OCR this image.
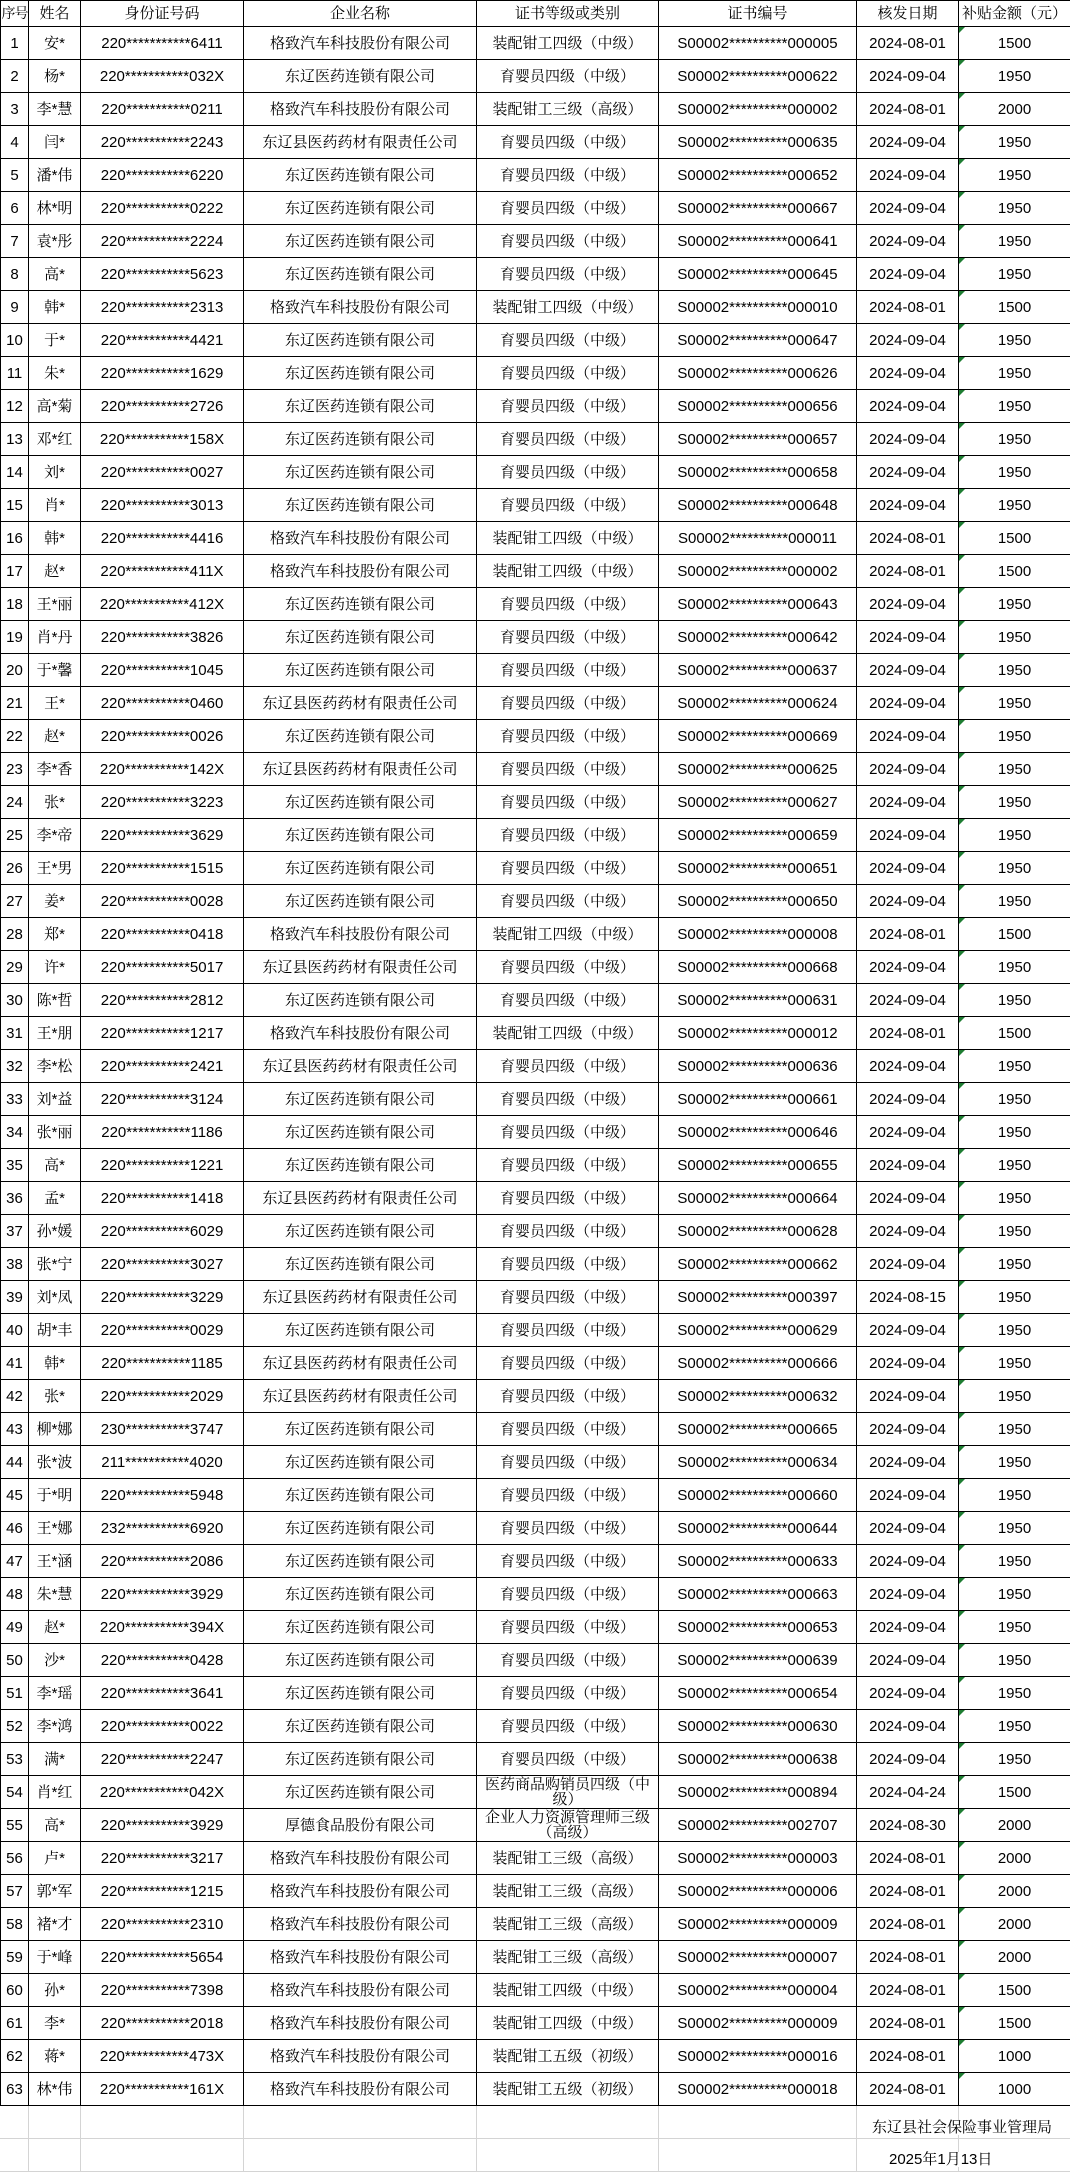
序号	姓名	身份证号码	企业名称	证书等级或类别	证书编号	核发日期	补贴金额（元）
1	安*	220***********6411	格致汽车科技股份有限公司	装配钳工四级（中级）	S00002**********000005	2024-08-01	1500
2	杨*	220***********032X	东辽医药连锁有限公司	育婴员四级（中级）	S00002**********000622	2024-09-04	1950
3	李*慧	220***********0211	格致汽车科技股份有限公司	装配钳工三级（高级）	S00002**********000002	2024-08-01	2000
4	闫*	220***********2243	东辽县医药药材有限责任公司	育婴员四级（中级）	S00002**********000635	2024-09-04	1950
5	潘*伟	220***********6220	东辽医药连锁有限公司	育婴员四级（中级）	S00002**********000652	2024-09-04	1950
6	林*明	220***********0222	东辽医药连锁有限公司	育婴员四级（中级）	S00002**********000667	2024-09-04	1950
7	袁*彤	220***********2224	东辽医药连锁有限公司	育婴员四级（中级）	S00002**********000641	2024-09-04	1950
8	高*	220***********5623	东辽医药连锁有限公司	育婴员四级（中级）	S00002**********000645	2024-09-04	1950
9	韩*	220***********2313	格致汽车科技股份有限公司	装配钳工四级（中级）	S00002**********000010	2024-08-01	1500
10	于*	220***********4421	东辽医药连锁有限公司	育婴员四级（中级）	S00002**********000647	2024-09-04	1950
11	朱*	220***********1629	东辽医药连锁有限公司	育婴员四级（中级）	S00002**********000626	2024-09-04	1950
12	高*菊	220***********2726	东辽医药连锁有限公司	育婴员四级（中级）	S00002**********000656	2024-09-04	1950
13	邓*红	220***********158X	东辽医药连锁有限公司	育婴员四级（中级）	S00002**********000657	2024-09-04	1950
14	刘*	220***********0027	东辽医药连锁有限公司	育婴员四级（中级）	S00002**********000658	2024-09-04	1950
15	肖*	220***********3013	东辽医药连锁有限公司	育婴员四级（中级）	S00002**********000648	2024-09-04	1950
16	韩*	220***********4416	格致汽车科技股份有限公司	装配钳工四级（中级）	S00002**********000011	2024-08-01	1500
17	赵*	220***********411X	格致汽车科技股份有限公司	装配钳工四级（中级）	S00002**********000002	2024-08-01	1500
18	王*丽	220***********412X	东辽医药连锁有限公司	育婴员四级（中级）	S00002**********000643	2024-09-04	1950
19	肖*丹	220***********3826	东辽医药连锁有限公司	育婴员四级（中级）	S00002**********000642	2024-09-04	1950
20	于*馨	220***********1045	东辽医药连锁有限公司	育婴员四级（中级）	S00002**********000637	2024-09-04	1950
21	王*	220***********0460	东辽县医药药材有限责任公司	育婴员四级（中级）	S00002**********000624	2024-09-04	1950
22	赵*	220***********0026	东辽医药连锁有限公司	育婴员四级（中级）	S00002**********000669	2024-09-04	1950
23	李*香	220***********142X	东辽县医药药材有限责任公司	育婴员四级（中级）	S00002**********000625	2024-09-04	1950
24	张*	220***********3223	东辽医药连锁有限公司	育婴员四级（中级）	S00002**********000627	2024-09-04	1950
25	李*帝	220***********3629	东辽医药连锁有限公司	育婴员四级（中级）	S00002**********000659	2024-09-04	1950
26	王*男	220***********1515	东辽医药连锁有限公司	育婴员四级（中级）	S00002**********000651	2024-09-04	1950
27	姜*	220***********0028	东辽医药连锁有限公司	育婴员四级（中级）	S00002**********000650	2024-09-04	1950
28	郑*	220***********0418	格致汽车科技股份有限公司	装配钳工四级（中级）	S00002**********000008	2024-08-01	1500
29	许*	220***********5017	东辽县医药药材有限责任公司	育婴员四级（中级）	S00002**********000668	2024-09-04	1950
30	陈*哲	220***********2812	东辽医药连锁有限公司	育婴员四级（中级）	S00002**********000631	2024-09-04	1950
31	王*朋	220***********1217	格致汽车科技股份有限公司	装配钳工四级（中级）	S00002**********000012	2024-08-01	1500
32	李*松	220***********2421	东辽县医药药材有限责任公司	育婴员四级（中级）	S00002**********000636	2024-09-04	1950
33	刘*益	220***********3124	东辽医药连锁有限公司	育婴员四级（中级）	S00002**********000661	2024-09-04	1950
34	张*丽	220***********1186	东辽医药连锁有限公司	育婴员四级（中级）	S00002**********000646	2024-09-04	1950
35	高*	220***********1221	东辽医药连锁有限公司	育婴员四级（中级）	S00002**********000655	2024-09-04	1950
36	孟*	220***********1418	东辽县医药药材有限责任公司	育婴员四级（中级）	S00002**********000664	2024-09-04	1950
37	孙*媛	220***********6029	东辽医药连锁有限公司	育婴员四级（中级）	S00002**********000628	2024-09-04	1950
38	张*宁	220***********3027	东辽医药连锁有限公司	育婴员四级（中级）	S00002**********000662	2024-09-04	1950
39	刘*凤	220***********3229	东辽县医药药材有限责任公司	育婴员四级（中级）	S00002**********000397	2024-08-15	1950
40	胡*丰	220***********0029	东辽医药连锁有限公司	育婴员四级（中级）	S00002**********000629	2024-09-04	1950
41	韩*	220***********1185	东辽县医药药材有限责任公司	育婴员四级（中级）	S00002**********000666	2024-09-04	1950
42	张*	220***********2029	东辽县医药药材有限责任公司	育婴员四级（中级）	S00002**********000632	2024-09-04	1950
43	柳*娜	230***********3747	东辽医药连锁有限公司	育婴员四级（中级）	S00002**********000665	2024-09-04	1950
44	张*波	211***********4020	东辽医药连锁有限公司	育婴员四级（中级）	S00002**********000634	2024-09-04	1950
45	于*明	220***********5948	东辽医药连锁有限公司	育婴员四级（中级）	S00002**********000660	2024-09-04	1950
46	王*娜	232***********6920	东辽医药连锁有限公司	育婴员四级（中级）	S00002**********000644	2024-09-04	1950
47	王*涵	220***********2086	东辽医药连锁有限公司	育婴员四级（中级）	S00002**********000633	2024-09-04	1950
48	朱*慧	220***********3929	东辽医药连锁有限公司	育婴员四级（中级）	S00002**********000663	2024-09-04	1950
49	赵*	220***********394X	东辽医药连锁有限公司	育婴员四级（中级）	S00002**********000653	2024-09-04	1950
50	沙*	220***********0428	东辽医药连锁有限公司	育婴员四级（中级）	S00002**********000639	2024-09-04	1950
51	李*瑶	220***********3641	东辽医药连锁有限公司	育婴员四级（中级）	S00002**********000654	2024-09-04	1950
52	李*鸿	220***********0022	东辽医药连锁有限公司	育婴员四级（中级）	S00002**********000630	2024-09-04	1950
53	满*	220***********2247	东辽医药连锁有限公司	育婴员四级（中级）	S00002**********000638	2024-09-04	1950
54	肖*红	220***********042X	东辽医药连锁有限公司	医药商品购销员四级（中级）	S00002**********000894	2024-04-24	1500
55	高*	220***********3929	厚德食品股份有限公司	企业人力资源管理师三级（高级）	S00002**********002707	2024-08-30	2000
56	卢*	220***********3217	格致汽车科技股份有限公司	装配钳工三级（高级）	S00002**********000003	2024-08-01	2000
57	郭*军	220***********1215	格致汽车科技股份有限公司	装配钳工三级（高级）	S00002**********000006	2024-08-01	2000
58	褚*才	220***********2310	格致汽车科技股份有限公司	装配钳工三级（高级）	S00002**********000009	2024-08-01	2000
59	于*峰	220***********5654	格致汽车科技股份有限公司	装配钳工三级（高级）	S00002**********000007	2024-08-01	2000
60	孙*	220***********7398	格致汽车科技股份有限公司	装配钳工四级（中级）	S00002**********000004	2024-08-01	1500
61	李*	220***********2018	格致汽车科技股份有限公司	装配钳工四级（中级）	S00002**********000009	2024-08-01	1500
62	蒋*	220***********473X	格致汽车科技股份有限公司	装配钳工五级（初级）	S00002**********000016	2024-08-01	1000
63	林*伟	220***********161X	格致汽车科技股份有限公司	装配钳工五级（初级）	S00002**********000018	2024-08-01	1000
东辽县社会保险事业管理局
2025年1月13日
